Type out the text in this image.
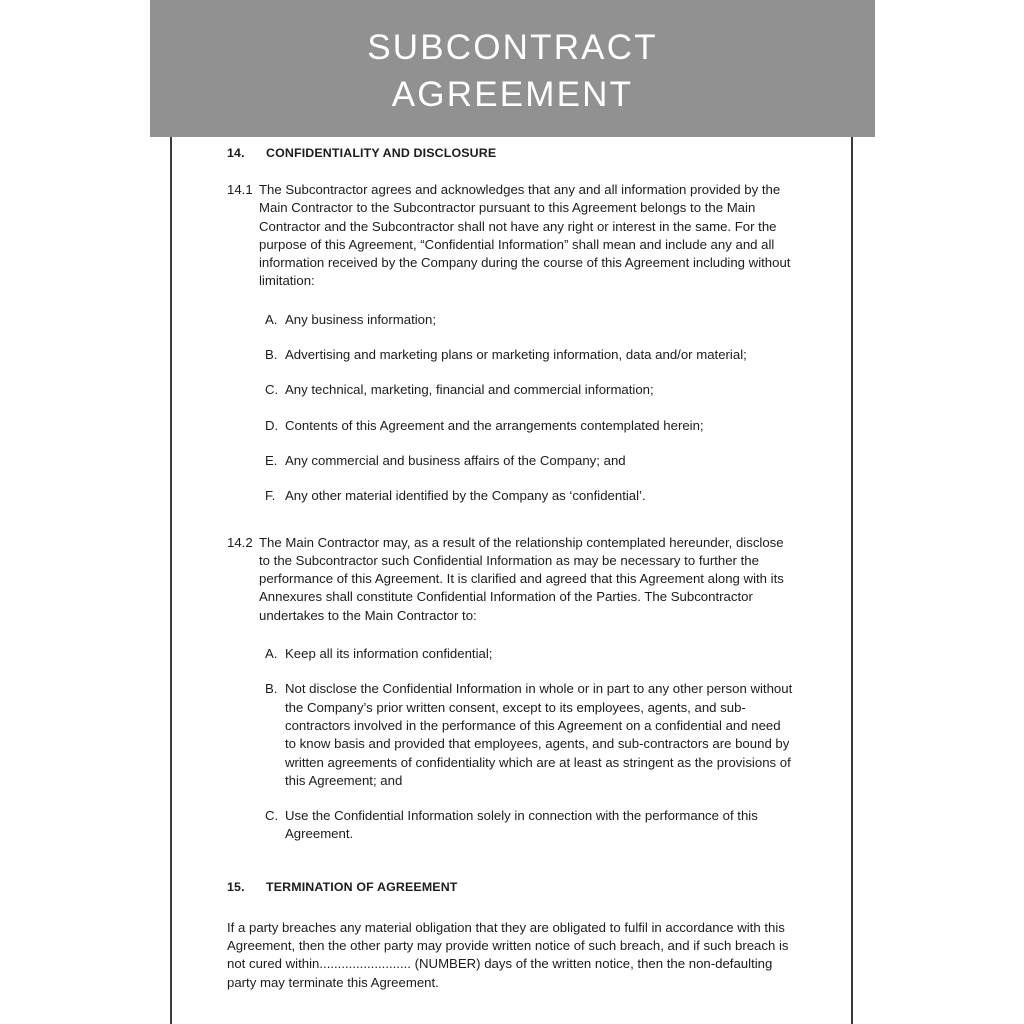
SUBCONTRACT
AGREEMENT
14.	CONFIDENTIALITY AND DISCLOSURE
14.1 The Subcontractor agrees and acknowledges that any and all information provided by the Main Contractor to the Subcontractor pursuant to this Agreement belongs to the Main Contractor and the Subcontractor shall not have any right or interest in the same. For the purpose of this Agreement, “Confidential Information” shall mean and include any and all information received by the Company during the course of this Agreement including without limitation:
A. Any business information;
B. Advertising and marketing plans or marketing information, data and/or material;
C. Any technical, marketing, financial and commercial information;
D. Contents of this Agreement and the arrangements contemplated herein;
E. Any commercial and business affairs of the Company; and
F. Any other material identified by the Company as ‘confidential’.
14.2 The Main Contractor may, as a result of the relationship contemplated hereunder, disclose to the Subcontractor such Confidential Information as may be necessary to further the performance of this Agreement. It is clarified and agreed that this Agreement along with its Annexures shall constitute Confidential Information of the Parties. The Subcontractor undertakes to the Main Contractor to:
A. Keep all its information confidential;
B. Not disclose the Confidential Information in whole or in part to any other person without the Company’s prior written consent, except to its employees, agents, and sub-contractors involved in the performance of this Agreement on a confidential and need to know basis and provided that employees, agents, and sub-contractors are bound by written agreements of confidentiality which are at least as stringent as the provisions of this Agreement; and
C. Use the Confidential Information solely in connection with the performance of this Agreement.
15.	TERMINATION OF AGREEMENT

If a party breaches any material obligation that they are obligated to fulfil in accordance with this Agreement, then the other party may provide written notice of such breach, and if such breach is not cured within......................... (NUMBER) days of the written notice, then the non-defaulting party may terminate this Agreement.
